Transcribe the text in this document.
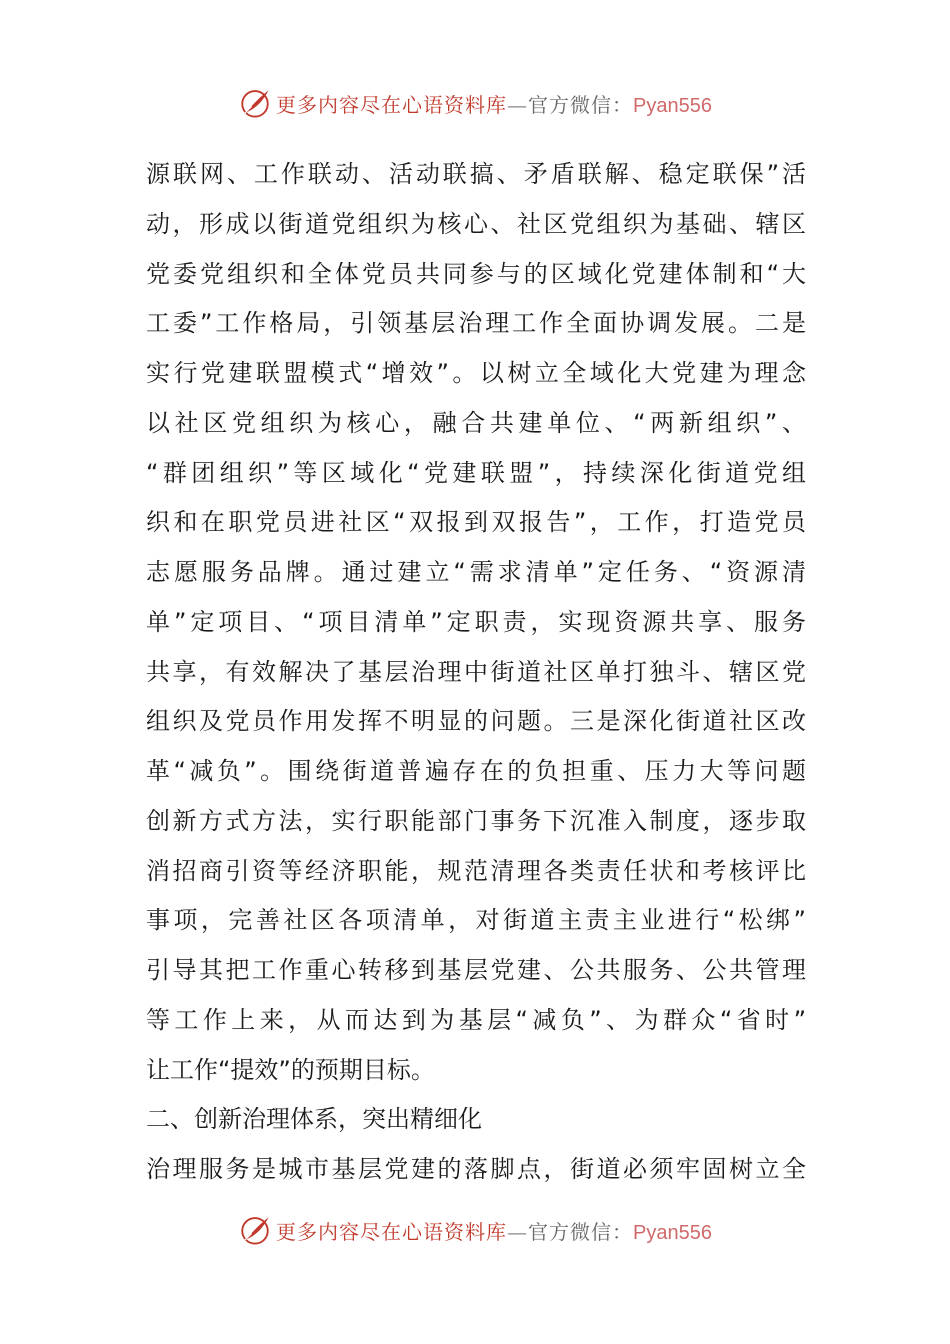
更多内容尽在心语资料库—官方微信：Pyan556
源联网、工作联动、活动联搞、矛盾联解、稳定联保”活
动，形成以街道党组织为核心、社区党组织为基础、辖区
党委党组织和全体党员共同参与的区域化党建体制和“大
工委”工作格局，引领基层治理工作全面协调发展。二是
实行党建联盟模式“增效”。以树立全域化大党建为理念
以社区党组织为核心，融合共建单位、“两新组织”、
“群团组织”等区域化“党建联盟”，持续深化街道党组
织和在职党员进社区“双报到双报告”，工作，打造党员
志愿服务品牌。通过建立“需求清单”定任务、“资源清
单”定项目、“项目清单”定职责，实现资源共享、服务
共享，有效解决了基层治理中街道社区单打独斗、辖区党
组织及党员作用发挥不明显的问题。三是深化街道社区改
革“减负”。围绕街道普遍存在的负担重、压力大等问题
创新方式方法，实行职能部门事务下沉准入制度，逐步取
消招商引资等经济职能，规范清理各类责任状和考核评比
事项，完善社区各项清单，对街道主责主业进行“松绑”
引导其把工作重心转移到基层党建、公共服务、公共管理
等工作上来，从而达到为基层“减负”、为群众“省时”
让工作“提效”的预期目标。
二、创新治理体系，突出精细化
治理服务是城市基层党建的落脚点，街道必须牢固树立全
更多内容尽在心语资料库—官方微信：Pyan556
